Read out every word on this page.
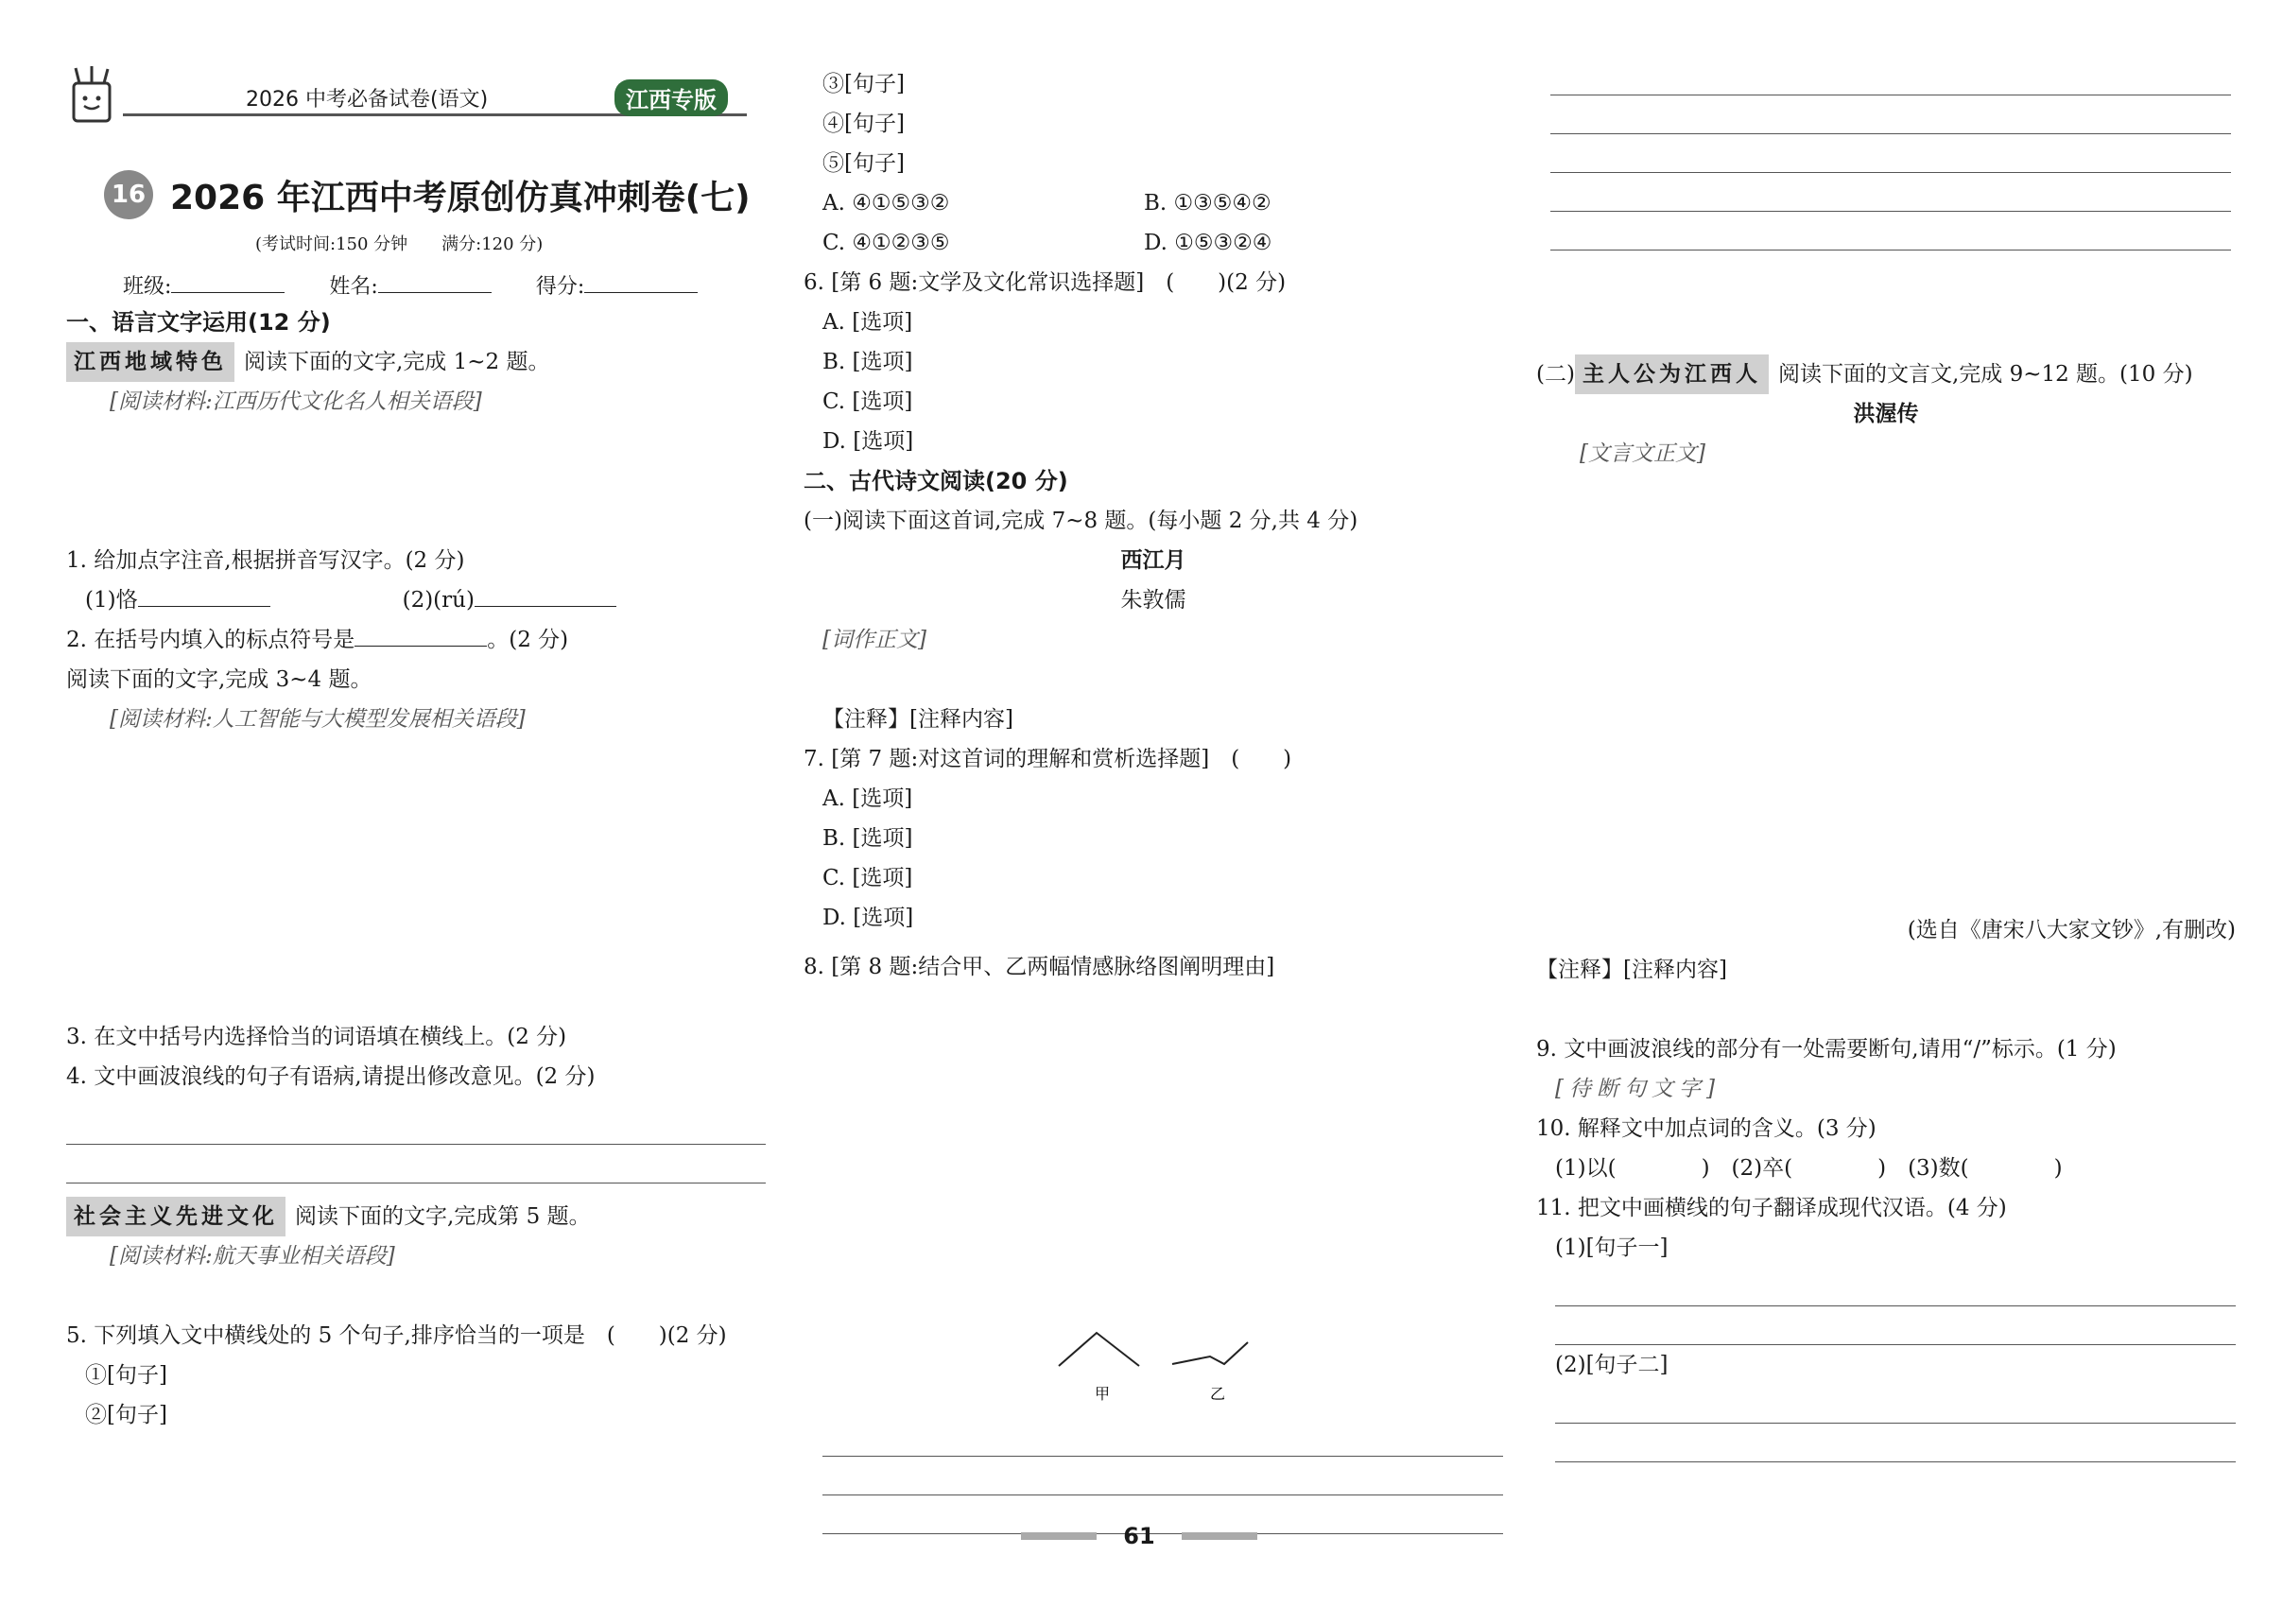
2026 中考必备试卷(语文)	江西专版
16 2026 年江西中考原创仿真冲刺卷(七)
(考试时间:150 分钟　　满分:120 分)
班级:	姓名:	得分:
一、语言文字运用(12 分)
江西地域特色 阅读下面的文字,完成 1~2 题。
[阅读材料:江西历代文化名人相关语段]
1. 给加点字注音,根据拼音写汉字。(2 分)
(1)恪	(2)(rú)
2. 在括号内填入的标点符号是	。(2 分)
阅读下面的文字,完成 3~4 题。
[阅读材料:人工智能与大模型发展相关语段]
3. 在文中括号内选择恰当的词语填在横线上。(2 分)
4. 文中画波浪线的句子有语病,请提出修改意见。(2 分)
社会主义先进文化 阅读下面的文字,完成第 5 题。
[阅读材料:航天事业相关语段]
5. 下列填入文中横线处的 5 个句子,排序恰当的一项是　(　　)(2 分)
①[句子]
②[句子]
③[句子]
④[句子]
⑤[句子]
A. ④①⑤③②	B. ①③⑤④②
C. ④①②③⑤	D. ①⑤③②④
6. [第 6 题:文学及文化常识选择题]　(　　)(2 分)
A. [选项]
B. [选项]
C. [选项]
D. [选项]
二、古代诗文阅读(20 分)
(一)阅读下面这首词,完成 7~8 题。(每小题 2 分,共 4 分)
西江月
朱敦儒
[词作正文]
【注释】[注释内容]
7. [第 7 题:对这首词的理解和赏析选择题]　(　　)
A. [选项]
B. [选项]
C. [选项]
D. [选项]
8. [第 8 题:结合甲、乙两幅情感脉络图阐明理由]
甲	乙
(二) 主人公为江西人 阅读下面的文言文,完成 9~12 题。(10 分)
洪渥传
[文言文正文]
(选自《唐宋八大家文钞》,有删改)
【注释】[注释内容]
9. 文中画波浪线的部分有一处需要断句,请用“/”标示。(1 分)
[待断句文字]
10. 解释文中加点词的含义。(3 分)
(1)以(	)　(2)卒(	)　(3)数(	)
11. 把文中画横线的句子翻译成现代汉语。(4 分)
(1)[句子一]
(2)[句子二]
61
